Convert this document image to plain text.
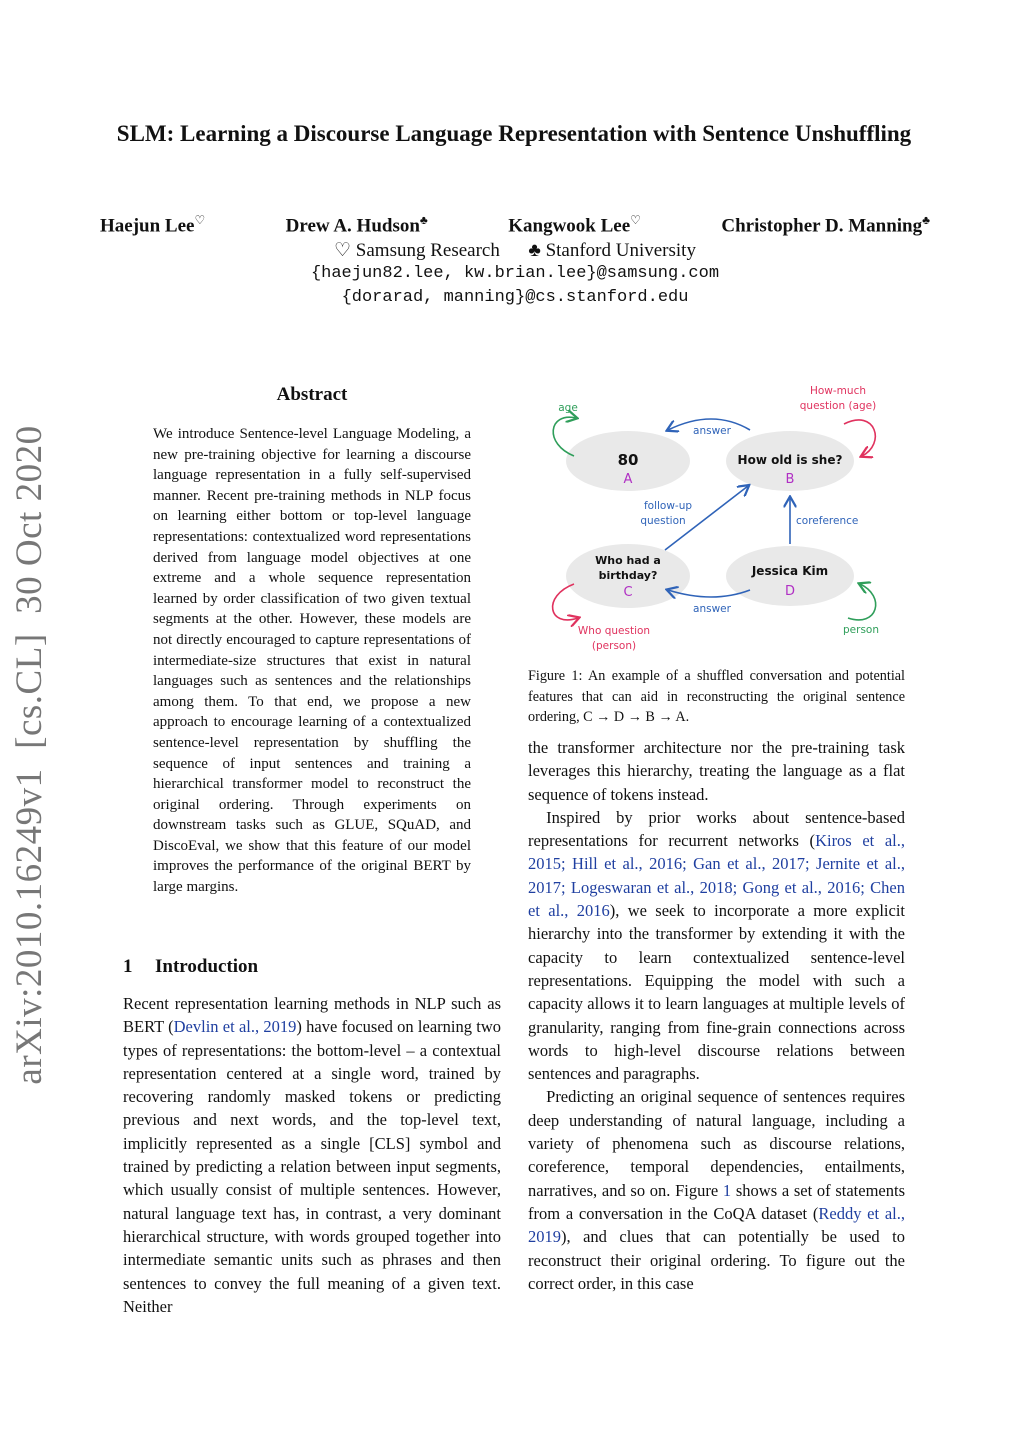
SLM: Learning a Discourse Language Representation with Sentence Unshuffling
Haejun Lee♡	Drew A. Hudson♣	Kangwook Lee♡	Christopher D. Manning♣
♡ Samsung Research      ♣ Stanford University
{haejun82.lee, kw.brian.lee}@samsung.com
{dorarad, manning}@cs.stanford.edu
arXiv:2010.16249v1  [cs.CL]  30 Oct 2020
Abstract
We introduce Sentence-level Language Modeling, a new pre-training objective for learning a discourse language representation in a fully self-supervised manner. Recent pre-training methods in NLP focus on learning either bottom or top-level language representations: contextualized word representations derived from language model objectives at one extreme and a whole sequence representation learned by order classification of two given textual segments at the other. However, these models are not directly encouraged to capture representations of intermediate-size structures that exist in natural languages such as sentences and the relationships among them. To that end, we propose a new approach to encourage learning of a contextualized sentence-level representation by shuffling the sequence of input sentences and training a hierarchical transformer model to reconstruct the original ordering. Through experiments on downstream tasks such as GLUE, SQuAD, and DiscoEval, we show that this feature of our model improves the performance of the original BERT by large margins.
1 Introduction
Recent representation learning methods in NLP such as BERT (Devlin et al., 2019) have focused on learning two types of representations: the bottom-level – a contextual representation centered at a single word, trained by recovering randomly masked tokens or predicting previous and next words, and the top-level text, implicitly represented as a single [CLS] symbol and trained by predicting a relation between input segments, which usually consist of multiple sentences. However, natural language text has, in contrast, a very dominant hierarchical structure, with words grouped together into intermediate semantic units such as phrases and then sentences to convey the full meaning of a given text. Neither
80
A
How old is she?
B
Who had a
birthday?
C
Jessica Kim
D
answer
follow-up
question	coreference
answer
age
How-much
question (age)
Who question
(person)
person
Figure 1: An example of a shuffled conversation and potential features that can aid in reconstructing the original sentence ordering, C → D → B → A.

the transformer architecture nor the pre-training task leverages this hierarchy, treating the language as a flat sequence of tokens instead.

Inspired by prior works about sentence-based representations for recurrent networks (Kiros et al., 2015; Hill et al., 2016; Gan et al., 2017; Jernite et al., 2017; Logeswaran et al., 2018; Gong et al., 2016; Chen et al., 2016), we seek to incorporate a more explicit hierarchy into the transformer by extending it with the capacity to learn contextualized sentence-level representations. Equipping the model with such a capacity allows it to learn languages at multiple levels of granularity, ranging from fine-grain connections across words to high-level discourse relations between sentences and paragraphs.

Predicting an original sequence of sentences requires deep understanding of natural language, including a variety of phenomena such as discourse relations, coreference, temporal dependencies, entailments, narratives, and so on. Figure 1 shows a set of statements from a conversation in the CoQA dataset (Reddy et al., 2019), and clues that can potentially be used to reconstruct their original ordering. To figure out the correct order, in this case
